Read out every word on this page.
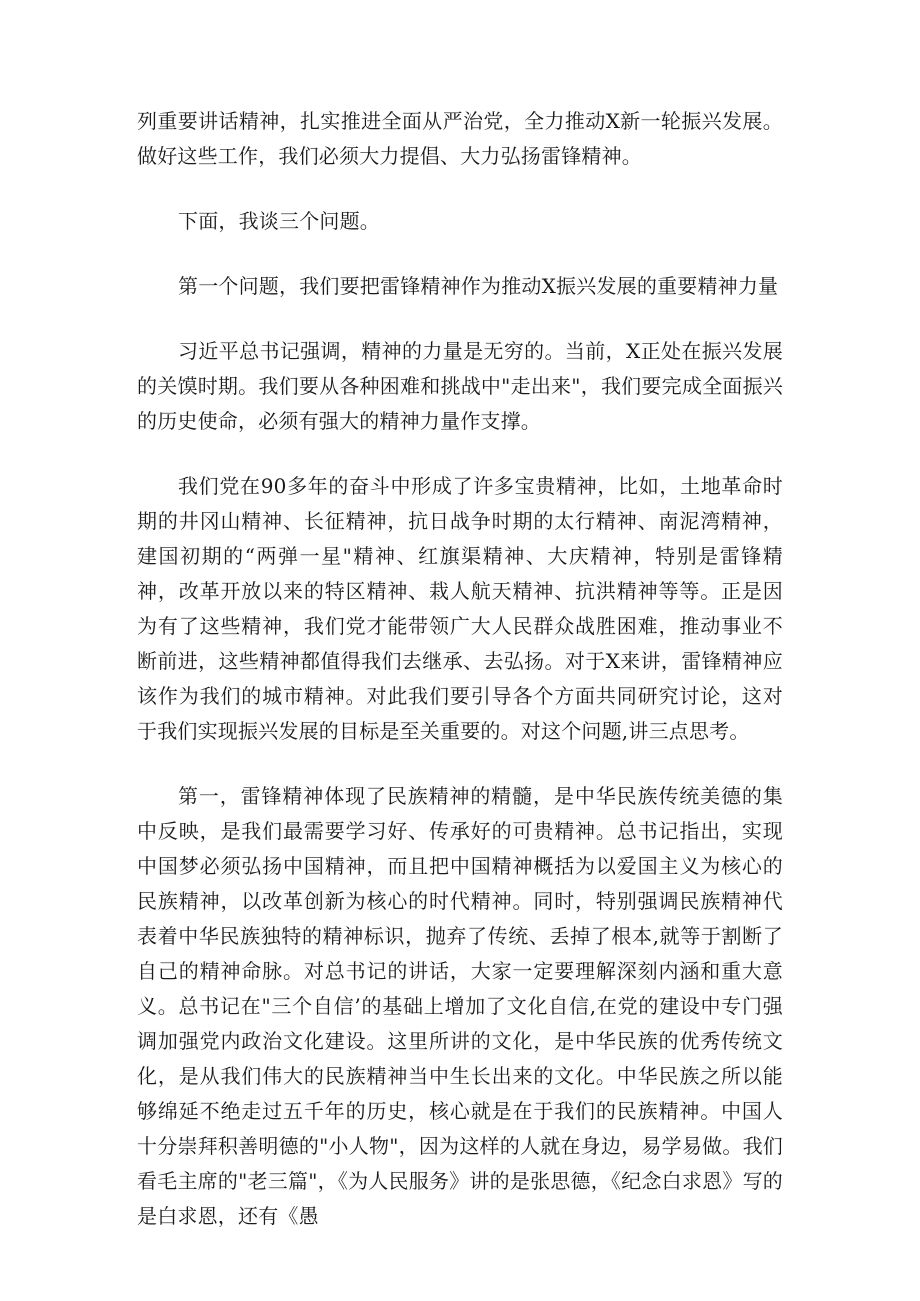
列重要讲话精神，扎实推进全面从严治党，全力推动X新一轮振兴发展。做好这些工作，我们必须大力提倡、大力弘扬雷锋精神。

下面，我谈三个问题。

第一个问题，我们要把雷锋精神作为推动X振兴发展的重要精神力量

习近平总书记强调，精神的力量是无穷的。当前，X正处在振兴发展的关馍时期。我们要从各种困难和挑战中"走出来"，我们要完成全面振兴的历史使命，必须有强大的精神力量作支撑。

我们党在90多年的奋斗中形成了许多宝贵精神，比如，土地革命时期的井冈山精神、长征精神，抗日战争时期的太行精神、南泥湾精神，建国初期的“两弹一星"精神、红旗渠精神、大庆精神，特别是雷锋精神，改革开放以来的特区精神、栽人航天精神、抗洪精神等等。正是因为有了这些精神，我们党才能带领广大人民群众战胜困难，推动事业不断前进，这些精神都值得我们去继承、去弘扬。对于X来讲，雷锋精神应该作为我们的城市精神。对此我们要引导各个方面共同研究讨论，这对于我们实现振兴发展的目标是至关重要的。对这个问题,讲三点思考。

第一，雷锋精神体现了民族精神的精髓，是中华民族传统美德的集中反映，是我们最需要学习好、传承好的可贵精神。总书记指出，实现中国梦必须弘扬中国精神，而且把中国精神概括为以爱国主义为核心的民族精神，以改革创新为核心的时代精神。同时，特别强调民族精神代表着中华民族独特的精神标识，抛弃了传统、丢掉了根本,就等于割断了自己的精神命脉。对总书记的讲话，大家一定要理解深刻内涵和重大意义。总书记在"三个自信’的基础上增加了文化自信,在党的建设中专门强调加强党内政治文化建设。这里所讲的文化，是中华民族的优秀传统文化，是从我们伟大的民族精神当中生长出来的文化。中华民族之所以能够绵延不绝走过五千年的历史，核心就是在于我们的民族精神。中国人十分崇拜积善明德的"小人物"，因为这样的人就在身边，易学易做。我们看毛主席的"老三篇"，《为人民服务》讲的是张思德，《纪念白求恩》写的是白求恩，还有《愚
